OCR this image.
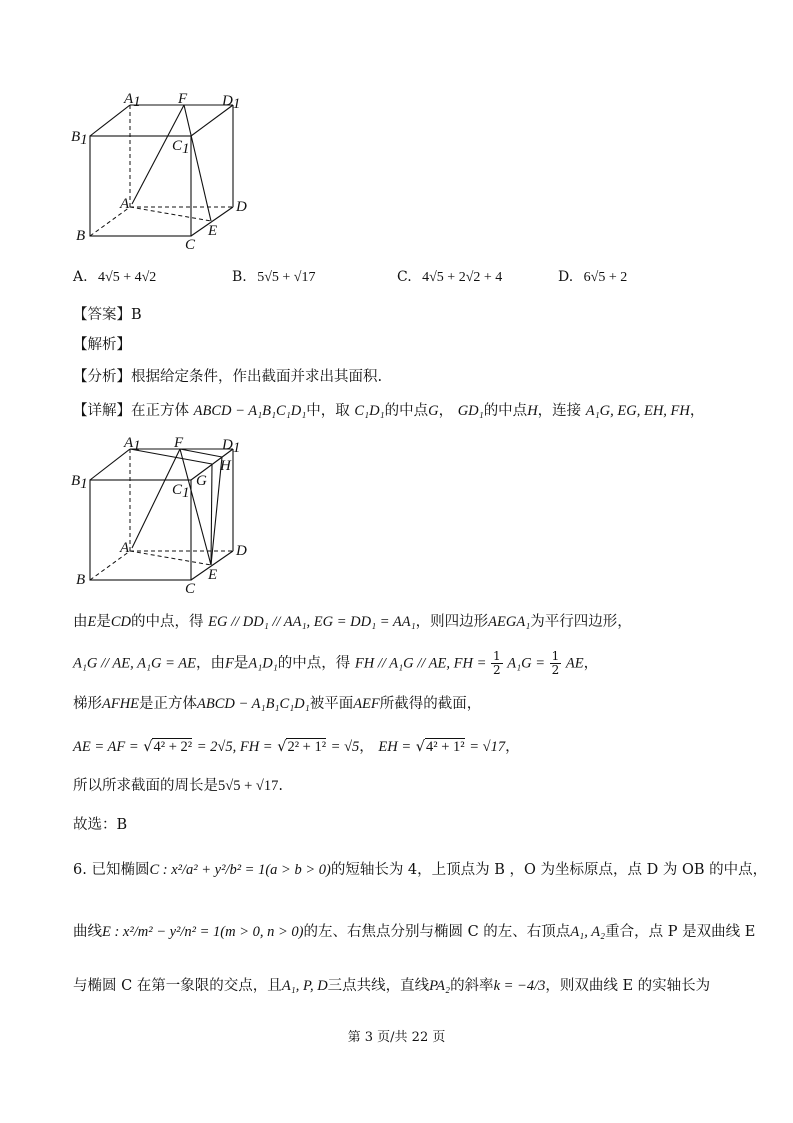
A1 F D1
B1	C1
A	D
B
C
E
A. 4√5 + 4√2	B. 5√5 + √17	C. 4√5 + 2√2 + 4	D. 6√5 + 2
【答案】B
【解析】
【分析】根据给定条件，作出截面并求出其面积.
【详解】在正方体 ABCD − A₁B₁C₁D₁中，取 C₁D₁的中点G， GD₁的中点H，连接 A₁G, EG, EH, FH，
A1 F	D1
H
B1	C1
G
A	D
B
C
E
由E是CD的中点，得 EG // DD₁ // AA₁, EG = DD₁ = AA₁，则四边形AEGA₁为平行四边形，
A₁G // AE, A₁G = AE，由F是A₁D₁的中点，得 FH // A₁G // AE, FH = $\frac{1}{2} A_1G = \frac{1}{2}$ AE，
梯形AFHE是正方体ABCD − A₁B₁C₁D₁被平面AEF所截得的截面，
AE = AF = √4² + 2² = 2√5, FH = √2² + 1² = √5， EH = √4² + 1² = √17，
所以所求截面的周长是5√5 + √17.
故选：B
6. 已知椭圆C : x²/a² + y²/b² = 1(a > b > 0)的短轴长为 4，上顶点为 B ，O 为坐标原点，点 D 为 OB 的中点，
曲线E : x²/m² − y²/n² = 1(m > 0, n > 0)的左、右焦点分别与椭圆 C 的左、右顶点A₁, A₂重合，点 P 是双曲线 E
与椭圆 C 在第一象限的交点，且A₁, P, D三点共线，直线PA₂的斜率k = −4/3，则双曲线 E 的实轴长为
第 3 页/共 22 页
